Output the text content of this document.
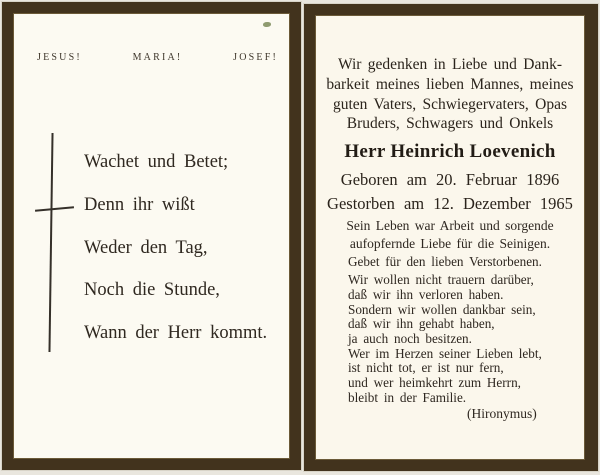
JESUS!	MARIA!	JOSEF!
Wachet und Betet;
Denn ihr wißt
Weder den Tag,
Noch die Stunde,
Wann der Herr kommt.
Wir gedenken in Liebe und Dank-
barkeit meines lieben Mannes, meines
guten Vaters, Schwiegervaters, Opas
Bruders, Schwagers und Onkels
Herr Heinrich Loevenich
Geboren am 20. Februar 1896
Gestorben am 12. Dezember 1965
Sein Leben war Arbeit und sorgende
aufopfernde Liebe für die Seinigen.
Gebet für den lieben Verstorbenen.
Wir wollen nicht trauern darüber,
daß wir ihn verloren haben.
Sondern wir wollen dankbar sein,
daß wir ihn gehabt haben,
ja auch noch besitzen.
Wer im Herzen seiner Lieben lebt,
ist nicht tot, er ist nur fern,
und wer heimkehrt zum Herrn,
bleibt in der Familie.
(Hironymus)
